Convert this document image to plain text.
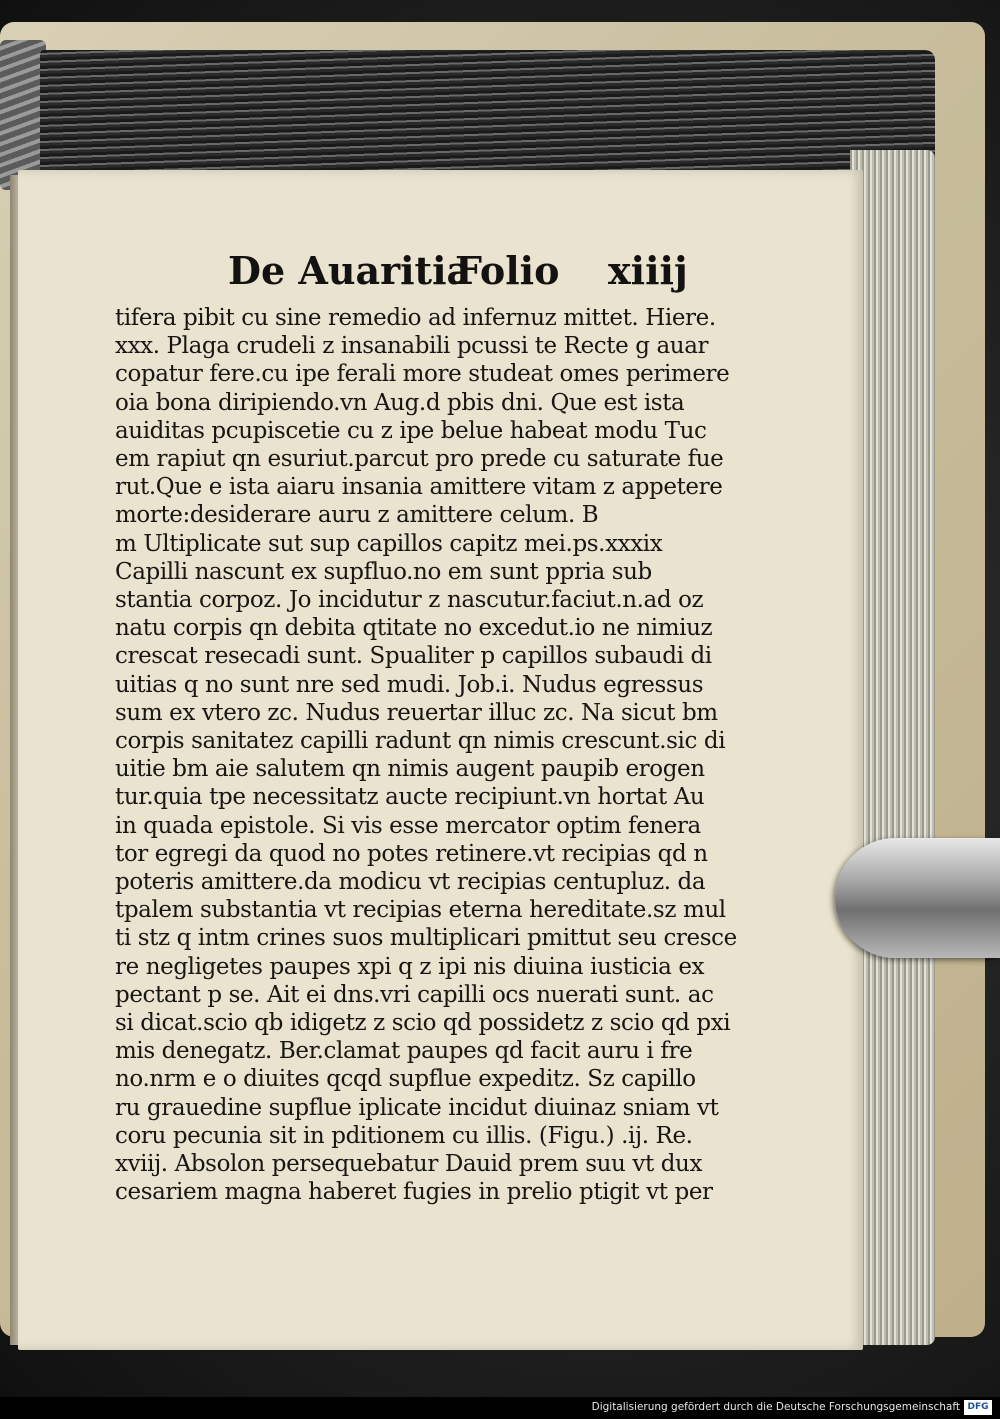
De Auaritia
Folio xiiij
tifera pibit cu sine remedio ad infernuz mittet. Hiere.
xxx. Plaga crudeli z insanabili pcussi te Recte g auar
copatur fere.cu ipe ferali more studeat omes perimere
oia bona diripiendo.vn Aug.d pbis dni. Que est ista
auiditas pcupiscetie cu z ipe belue habeat modu Tuc
em rapiut qn esuriut.parcut pro prede cu saturate fue
rut.Que e ista aiaru insania amittere vitam z appetere
morte:desiderare auru z amittere celum. B
m Ultiplicate sut sup capillos capitz mei.ps.xxxix
Capilli nascunt ex supfluo.no em sunt ppria sub
stantia corpoz. Jo incidutur z nascutur.faciut.n.ad oz
natu corpis qn debita qtitate no excedut.io ne nimiuz
crescat resecadi sunt. Spualiter p capillos subaudi di
uitias q no sunt nre sed mudi. Job.i. Nudus egressus
sum ex vtero zc. Nudus reuertar illuc zc. Na sicut bm
corpis sanitatez capilli radunt qn nimis crescunt.sic di
uitie bm aie salutem qn nimis augent paupib erogen
tur.quia tpe necessitatz aucte recipiunt.vn hortat Au
in quada epistole. Si vis esse mercator optim fenera
tor egregi da quod no potes retinere.vt recipias qd n
poteris amittere.da modicu vt recipias centupluz. da
tpalem substantia vt recipias eterna hereditate.sz mul
ti stz q intm crines suos multiplicari pmittut seu cresce
re negligetes paupes xpi q z ipi nis diuina iusticia ex
pectant p se. Ait ei dns.vri capilli ocs nuerati sunt. ac
si dicat.scio qb idigetz z scio qd possidetz z scio qd pxi
mis denegatz. Ber.clamat paupes qd facit auru i fre
no.nrm e o diuites qcqd supflue expeditz. Sz capillo
ru grauedine supflue iplicate incidut diuinaz sniam vt
coru pecunia sit in pditionem cu illis. (Figu.) .ij. Re.
xviij. Absolon persequebatur Dauid prem suu vt dux
cesariem magna haberet fugies in prelio ptigit vt per
Digitalisierung gefördert durch die Deutsche Forschungsgemeinschaft DFG
